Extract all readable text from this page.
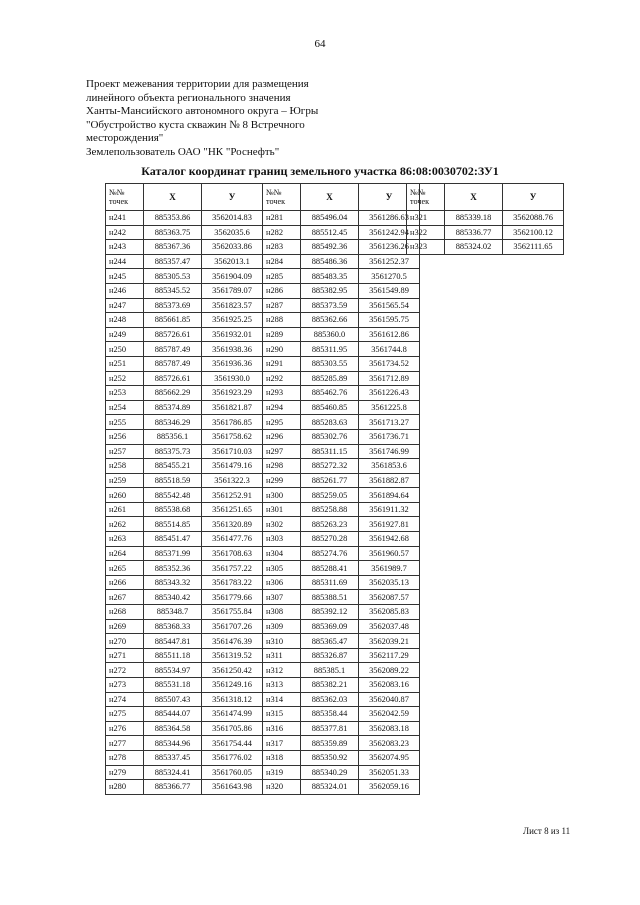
64
Проект межевания территории для размещения
линейного объекта регионального значения
Ханты-Мансийского автономного округа – Югры
"Обустройство куста скважин № 8 Встречного
месторождения"
Землепользователь ОАО "НК "Роснефть"
Каталог координат границ земельного участка 86:08:0030702:ЗУ1
№№
точек	X	У
н241	885353.86	3562014.83
н242	885363.75	3562035.6
н243	885367.36	3562033.86
н244	885357.47	3562013.1
н245	885305.53	3561904.09
н246	885345.52	3561789.07
н247	885373.69	3561823.57
н248	885661.85	3561925.25
н249	885726.61	3561932.01
н250	885787.49	3561938.36
н251	885787.49	3561936.36
н252	885726.61	3561930.0
н253	885662.29	3561923.29
н254	885374.89	3561821.87
н255	885346.29	3561786.85
н256	885356.1	3561758.62
н257	885375.73	3561710.03
н258	885455.21	3561479.16
н259	885518.59	3561322.3
н260	885542.48	3561252.91
н261	885538.68	3561251.65
н262	885514.85	3561320.89
н263	885451.47	3561477.76
н264	885371.99	3561708.63
н265	885352.36	3561757.22
н266	885343.32	3561783.22
н267	885340.42	3561779.66
н268	885348.7	3561755.84
н269	885368.33	3561707.26
н270	885447.81	3561476.39
н271	885511.18	3561319.52
н272	885534.97	3561250.42
н273	885531.18	3561249.16
н274	885507.43	3561318.12
н275	885444.07	3561474.99
н276	885364.58	3561705.86
н277	885344.96	3561754.44
н278	885337.45	3561776.02
н279	885324.41	3561760.05
н280	885366.77	3561643.98
№№
точек	X	У
н281	885496.04	3561286.63
н282	885512.45	3561242.94
н283	885492.36	3561236.26
н284	885486.36	3561252.37
н285	885483.35	3561270.5
н286	885382.95	3561549.89
н287	885373.59	3561565.54
н288	885362.66	3561595.75
н289	885360.0	3561612.86
н290	885311.95	3561744.8
н291	885303.55	3561734.52
н292	885285.89	3561712.89
н293	885462.76	3561226.43
н294	885460.85	3561225.8
н295	885283.63	3561713.27
н296	885302.76	3561736.71
н297	885311.15	3561746.99
н298	885272.32	3561853.6
н299	885261.77	3561882.87
н300	885259.05	3561894.64
н301	885258.88	3561911.32
н302	885263.23	3561927.81
н303	885270.28	3561942.68
н304	885274.76	3561960.57
н305	885288.41	3561989.7
н306	885311.69	3562035.13
н307	885388.51	3562087.57
н308	885392.12	3562085.83
н309	885369.09	3562037.48
н310	885365.47	3562039.21
н311	885326.87	3562117.29
н312	885385.1	3562089.22
н313	885382.21	3562083.16
н314	885362.03	3562040.87
н315	885358.44	3562042.59
н316	885377.81	3562083.18
н317	885359.89	3562083.23
н318	885350.92	3562074.95
н319	885340.29	3562051.33
н320	885324.01	3562059.16
№№
точек	X	У
н321	885339.18	3562088.76
н322	885336.77	3562100.12
н323	885324.02	3562111.65
Лист 8 из 11
